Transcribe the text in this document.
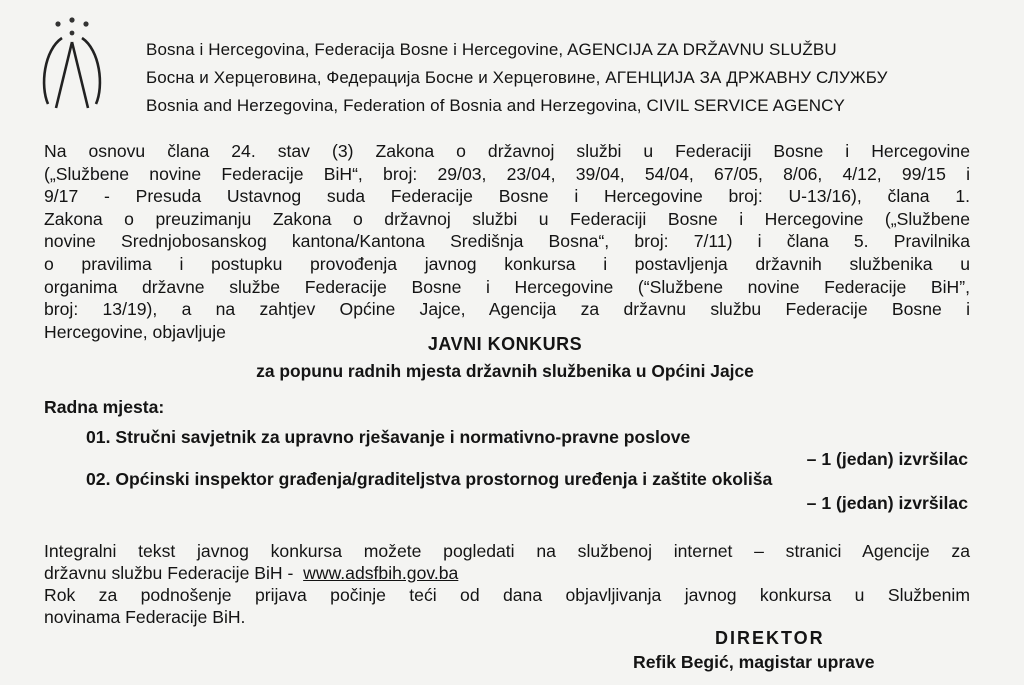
Bosna i Hercegovina, Federacija Bosne i Hercegovine, AGENCIJA ZA DRŽAVNU SLUŽBU
Босна и Херцеговина, Федерација Босне и Херцеговине, АГЕНЦИЈА ЗА ДРЖАВНУ СЛУЖБУ
Bosnia and Herzegovina, Federation of Bosnia and Herzegovina, CIVIL SERVICE AGENCY
Na osnovu člana 24. stav (3) Zakona o državnoj službi u Federaciji Bosne i Hercegovine
(„Službene novine Federacije BiH“, broj: 29/03, 23/04, 39/04, 54/04, 67/05, 8/06, 4/12, 99/15 i
9/17 - Presuda Ustavnog suda Federacije Bosne i Hercegovine broj: U-13/16), člana 1.
Zakona o preuzimanju Zakona o državnoj službi u Federaciji Bosne i Hercegovine („Službene
novine Srednjobosanskog kantona/Kantona Središnja Bosna“, broj: 7/11) i člana 5. Pravilnika
o pravilima i postupku provođenja javnog konkursa i postavljenja državnih službenika u
organima državne službe Federacije Bosne i Hercegovine (“Službene novine Federacije BiH”,
broj: 13/19), a na zahtjev Općine Jajce, Agencija za državnu službu Federacije Bosne i
Hercegovine, objavljuje
JAVNI KONKURS
za popunu radnih mjesta državnih službenika u Općini Jajce
Radna mjesta:
01. Stručni savjetnik za upravno rješavanje i normativno-pravne poslove
– 1 (jedan) izvršilac
02. Općinski inspektor građenja/graditeljstva prostornog uređenja i zaštite okoliša
– 1 (jedan) izvršilac

Integralni tekst javnog konkursa možete pogledati na službenoj internet – stranici Agencije za

državnu službu Federacije BiH - www.adsfbih.gov.ba

Rok za podnošenje prijava počinje teći od dana objavljivanja javnog konkursa u Službenim

novinama Federacije BiH.

DIREKTOR
Refik Begić, magistar uprave
